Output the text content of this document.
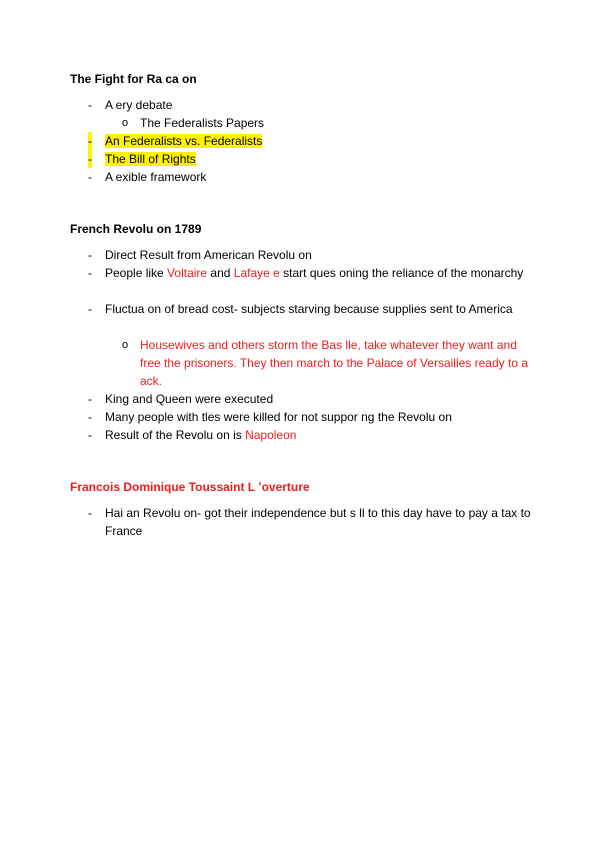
The Fight for Ra ca on
- A ery debate
o The Federalists Papers
- An Federalists vs. Federalists
- The Bill of Rights
- A exible framework
French Revolu on 1789
- Direct Result from American Revolu on
- People like Voltaire and Lafaye e start ques oning the reliance of the monarchy
- Fluctua on of bread cost- subjects starving because supplies sent to America
o Housewives and others storm the Bas lle, take whatever they want and free the prisoners. They then march to the Palace of Versailles ready to a ack.
- King and Queen were executed
- Many people with tles were killed for not suppor ng the Revolu on
- Result of the Revolu on is Napoleon
Francois Dominique Toussaint L ’overture
- Hai an Revolu on- got their independence but s ll to this day have to pay a tax to France
